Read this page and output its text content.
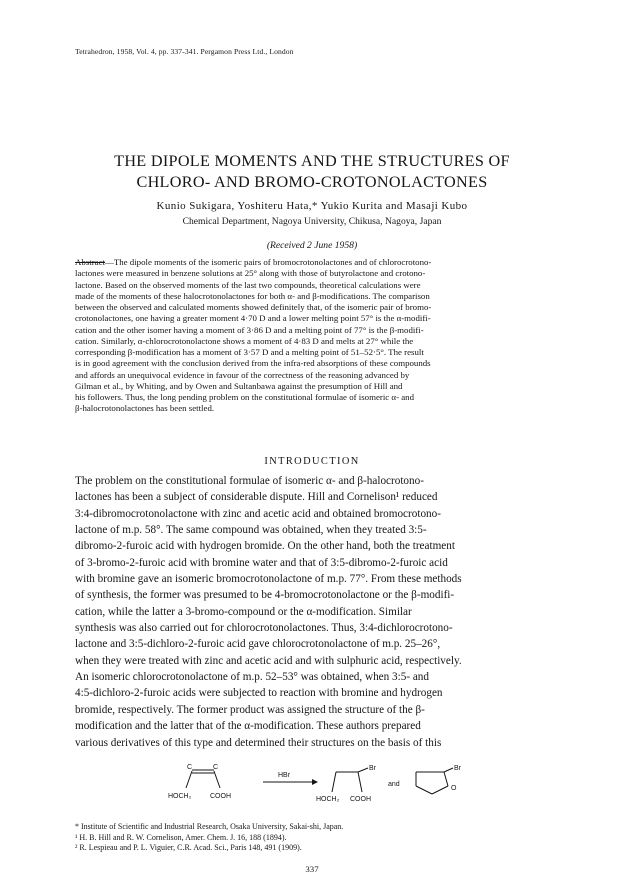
Tetrahedron, 1958, Vol. 4, pp. 337-341. Pergamon Press Ltd., London
THE DIPOLE MOMENTS AND THE STRUCTURES OF
CHLORO- AND BROMO-CROTONOLACTONES
Kunio Sukigara, Yoshiteru Hata,* Yukio Kurita and Masaji Kubo
Chemical Department, Nagoya University, Chikusa, Nagoya, Japan
(Received 2 June 1958)
Abstract—The dipole moments of the isomeric pairs of bromocrotonolactones and of chlorocrotono-
lactones were measured in benzene solutions at 25° along with those of butyrolactone and crotono-
lactone. Based on the observed moments of the last two compounds, theoretical calculations were
made of the moments of these halocrotonolactones for both α- and β-modifications. The comparison
between the observed and calculated moments showed definitely that, of the isomeric pair of bromo-
crotonolactones, one having a greater moment 4·70 D and a lower melting point 57° is the α-modifi-
cation and the other isomer having a moment of 3·86 D and a melting point of 77° is the β-modifi-
cation. Similarly, α-chlorocrotonolactone shows a moment of 4·83 D and melts at 27° while the
corresponding β-modification has a moment of 3·57 D and a melting point of 51–52·5°. The result
is in good agreement with the conclusion derived from the infra-red absorptions of these compounds
and affords an unequivocal evidence in favour of the correctness of the reasoning advanced by
Gilman et al., by Whiting, and by Owen and Sultanbawa against the presumption of Hill and
his followers. Thus, the long pending problem on the constitutional formulae of isomeric α- and
β-halocrotonolactones has been settled.
INTRODUCTION
The problem on the constitutional formulae of isomeric α- and β-halocrotono-
lactones has been a subject of considerable dispute. Hill and Cornelison¹ reduced
3:4-dibromocrotonolactone with zinc and acetic acid and obtained bromocrotono-
lactone of m.p. 58°. The same compound was obtained, when they treated 3:5-
dibromo-2-furoic acid with hydrogen bromide. On the other hand, both the treatment
of 3-bromo-2-furoic acid with bromine water and that of 3:5-dibromo-2-furoic acid
with bromine gave an isomeric bromocrotonolactone of m.p. 77°. From these methods
of synthesis, the former was presumed to be 4-bromocrotonolactone or the β-modifi-
cation, while the latter a 3-bromo-compound or the α-modification. Similar
synthesis was also carried out for chlorocrotonolactones. Thus, 3:4-dichlorocrotono-
lactone and 3:5-dichloro-2-furoic acid gave chlorocrotonolactone of m.p. 25–26°,
when they were treated with zinc and acetic acid and with sulphuric acid, respectively.
An isomeric chlorocrotonolactone of m.p. 52–53° was obtained, when 3:5- and
4:5-dichloro-2-furoic acids were subjected to reaction with bromine and hydrogen
bromide, respectively. The former product was assigned the structure of the β-
modification and the latter that of the α-modification. These authors prepared
various derivatives of this type and determined their structures on the basis of this
C	C
HOCH₂	COOH
HBr
Br
HOCH₂ COOH
and
Br
O
* Institute of Scientific and Industrial Research, Osaka University, Sakai-shi, Japan.
¹ H. B. Hill and R. W. Cornelison, Amer. Chem. J. 16, 188 (1894).
² R. Lespieau and P. L. Viguier, C.R. Acad. Sci., Paris 148, 491 (1909).
337
